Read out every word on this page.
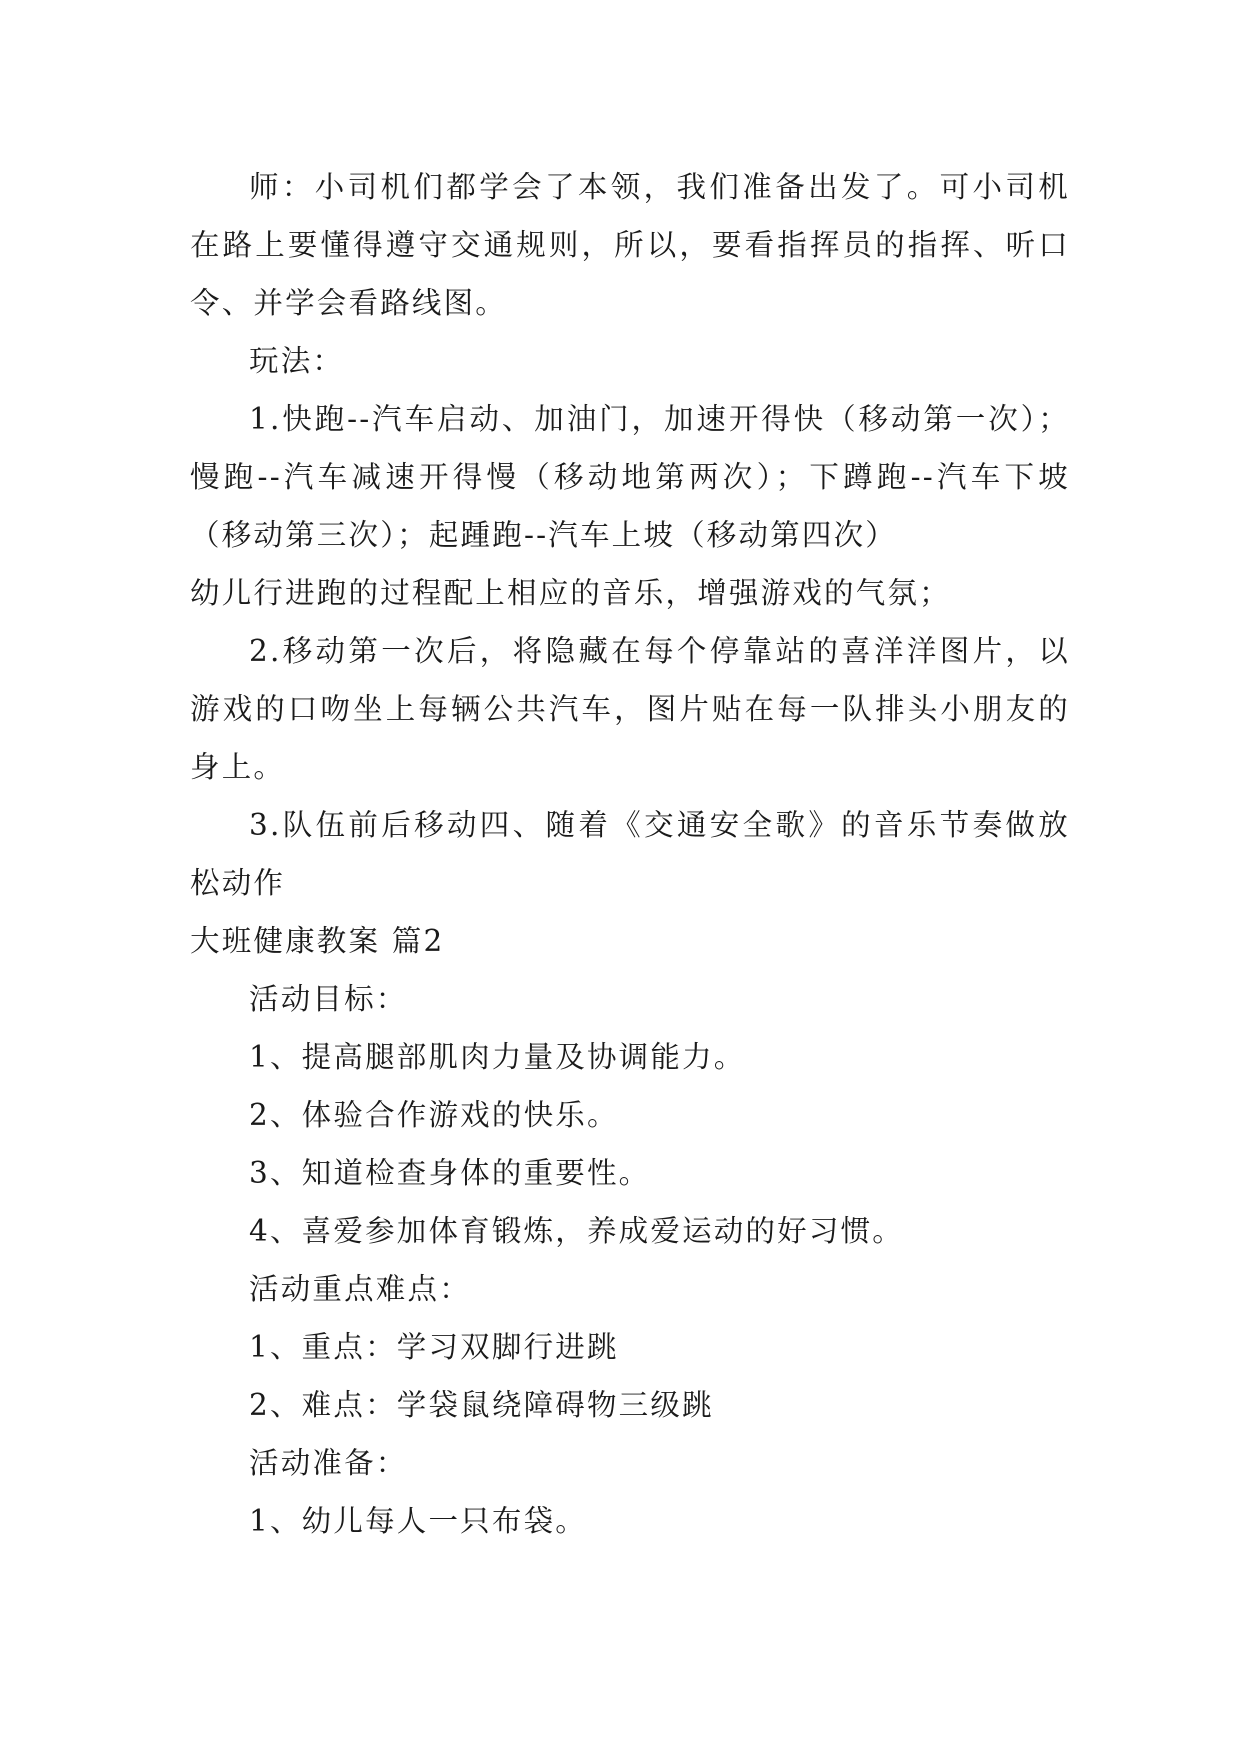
师：小司机们都学会了本领，我们准备出发了。可小司机在路上要懂得遵守交通规则，所以，要看指挥员的指挥、听口令、并学会看路线图。

玩法：

1.快跑--汽车启动、加油门，加速开得快（移动第一次）；慢跑--汽车减速开得慢（移动地第两次）；下蹲跑--汽车下坡（移动第三次）；起踵跑--汽车上坡（移动第四次）

幼儿行进跑的过程配上相应的音乐，增强游戏的气氛；

2.移动第一次后，将隐藏在每个停靠站的喜洋洋图片，以游戏的口吻坐上每辆公共汽车，图片贴在每一队排头小朋友的身上。

3.队伍前后移动四、随着《交通安全歌》的音乐节奏做放松动作

大班健康教案 篇2

活动目标：

1、提高腿部肌肉力量及协调能力。

2、体验合作游戏的快乐。

3、知道检查身体的重要性。

4、喜爱参加体育锻炼，养成爱运动的好习惯。

活动重点难点：

1、重点：学习双脚行进跳

2、难点：学袋鼠绕障碍物三级跳

活动准备：

1、幼儿每人一只布袋。
